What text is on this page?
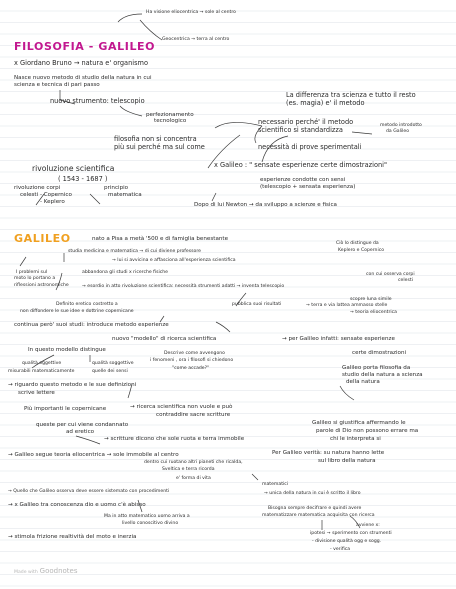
FILOSOFIA - GALILEO
Ha visione eliocentrica → sole al centro
Geocentrica → terra al centro
x Giordano Bruno → natura e' organismo
Nasce nuovo metodo di studio della natura in cui
scienza e tecnica di pari passo
nuovo strumento: telescopio
perfezionamento
tecnologico
filosofia non si concentra
più sui perché ma sul come
La differenza tra scienza e tutto il resto
(es. magia) e' il metodo
necessario perché' il metodo
scientifico si standardizza
metodo introdotto
da Galileo
necessità di prove sperimentali
x Galileo : " sensate esperienze certe dimostrazioni"
esperienze condotte con sensi
(telescopio + sensata esperienza)
rivoluzione scientifica
( 1543 - 1687 )
rivoluzione corpi
celesti - Copernico
- Keplero
principio
matematica
Dopo di lui Newton → da sviluppo a scienze e fisica
GALILEO	nato a Pisa a metà '500 e di famiglia benestante
studia medicina e matematica → di cui diviene professore
→ lui si avvicina e affasciona all'esperienza scientifica
Ciò lo distingue da
Keplero e Copernico
I problemi sul
moto lo portano a
riflessioni astronomiche
abbandona gli studi x ricerche fisiche
→ esordio in atto rivoluzione scientifica: necessità strumenti adatti → inventa telescopio
con cui osserva corpi
celesti
Definito eretico costretto a
non diffondere le sue idee e dottrine copernicane
pubblica suoi risultati
scopre luna simile
→ terra e via lattea ammasso stelle
→ teoria eliocentrica
continua però' suoi studi: introduce metodo esperienze
nuovo "modello" di ricerca scientifica	→ per Galileo infatti: sensate esperienze
certe dimostrazioni
In questo modello distingue
Descrive come avvengono
i fenomeni , ora i filosofi si chiedono
"come accade?"
qualità oggettive	qualità soggettive
misurabili matematicamente	quelle dei sensi
Galileo porta filosofia da
studio della natura a scienza
della natura
→ riguardo questo metodo e le sue definizioni
scrive lettere
Più importanti le copernicane	→ ricerca scientifica non vuole e può
contraddire sacre scritture
queste per cui viene condannato
ad eretico
→ scritture dicono che sole ruota e terra immobile
Galileo si giustifica affermando le
parole di Dio non possono errare ma
chi le interpreta si
→ Galileo segue teoria eliocentrica → sole immobile al centro
dentro cui ruotano altri pianeti che ricalda,
Sveltica e terra ricorda
e' forma di vita
Per Galileo verità: su natura hanno lette
sul libro della natura
matematici
→ Quello che Galileo osserva deve essere sistemato con procedimenti	→ unica della natura in cui è scritto il libro
→ x Galileo tra conoscenza dio e uomo c'è abisso
Ma in atto matematico uomo arriva a
livello conoscitivo divino
Bisogna sempre decifrare e quindi avere
matematizzare matematica acquisita con ricerca
→ stimola frizione realtività del moto e inerzia
avviene x:
ipotesi → sperimento con strumenti
- divisione qualità ogg e sogg.
- verifica
Made with Goodnotes
